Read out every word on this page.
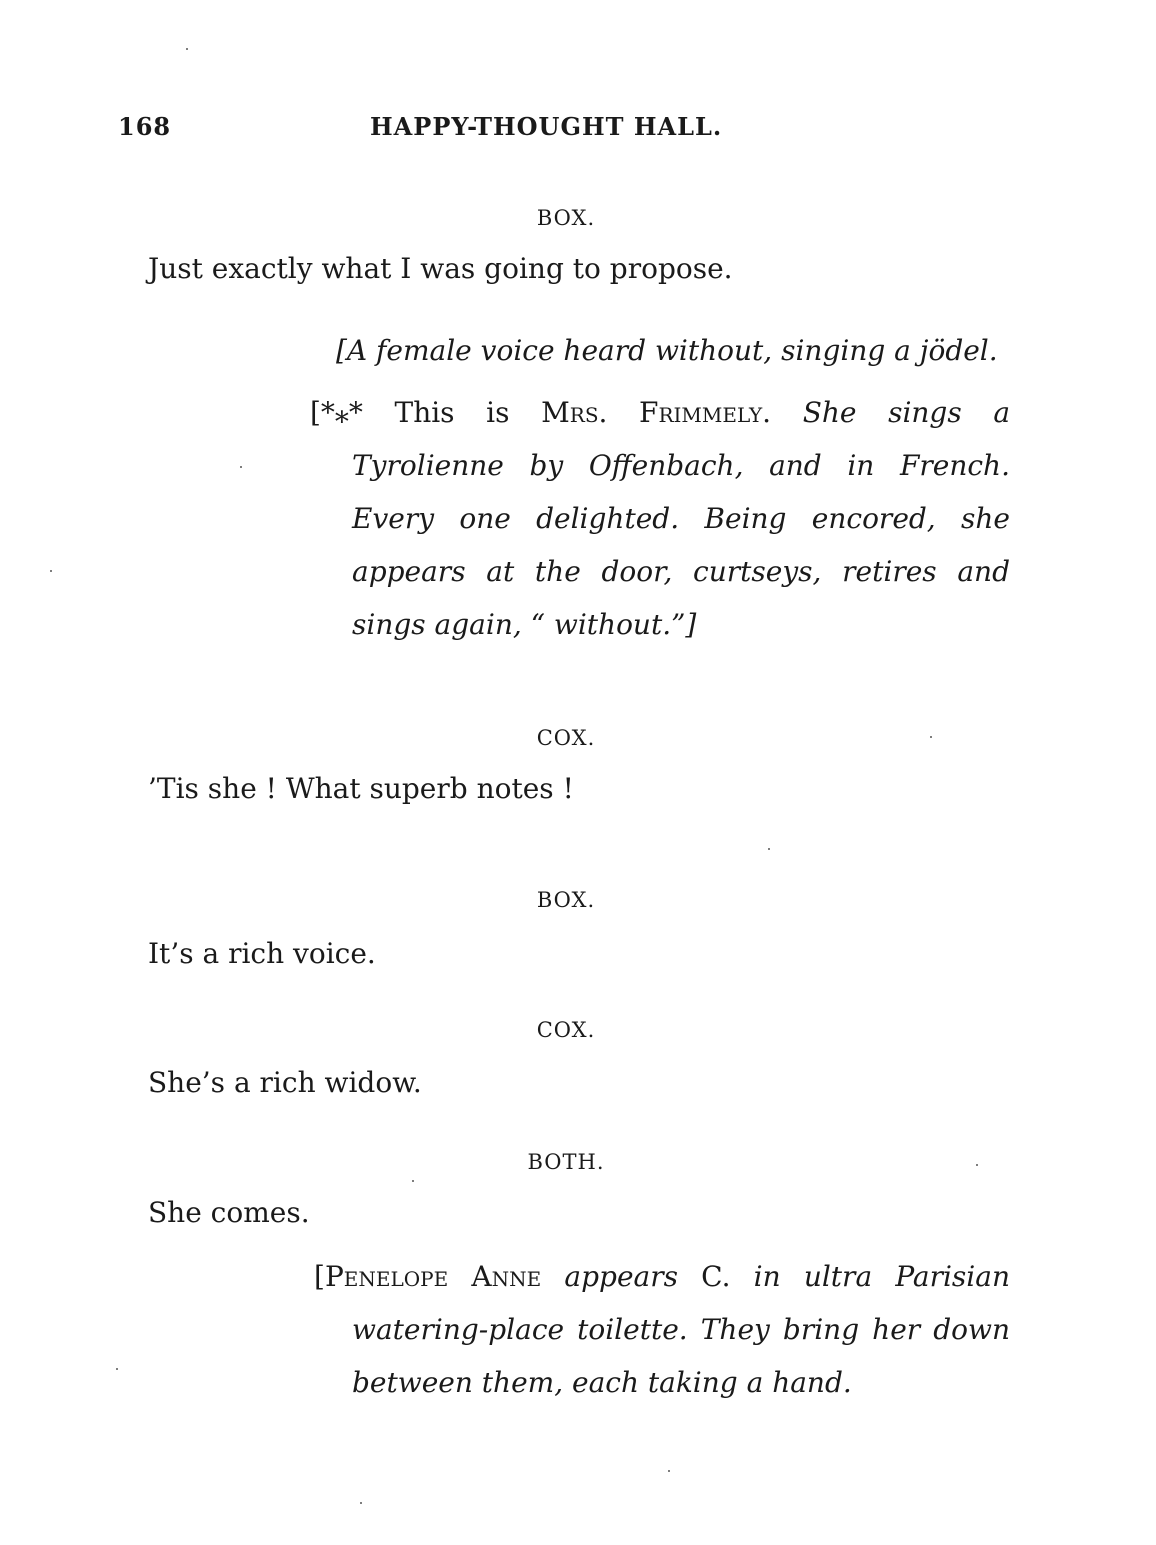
168	HAPPY-THOUGHT HALL.
BOX.
Just exactly what I was going to propose.
[A female voice heard without, singing a jödel.
[*⁎* This is Mrs. Frimmely. She sings a
Tyrolienne by Offenbach, and in French.
Every one delighted. Being encored, she
appears at the door, curtseys, retires and
sings again, “ without.”]
COX.
’Tis she ! What superb notes !
BOX.
It’s a rich voice.
COX.
She’s a rich widow.
BOTH.
She comes.
[Penelope Anne appears C. in ultra Parisian
watering-place toilette. They bring her down
between them, each taking a hand.
